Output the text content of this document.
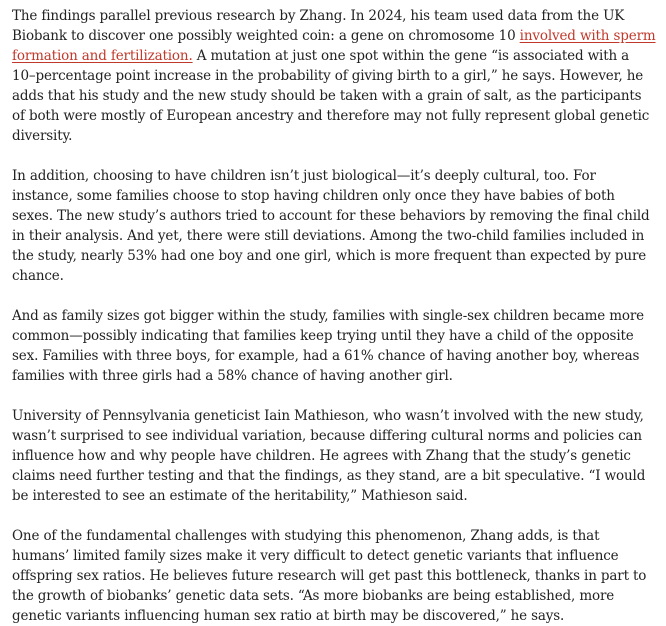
The findings parallel previous research by Zhang. In 2024, his team used data from the UK Biobank to discover one possibly weighted coin: a gene on chromosome 10 involved with sperm formation and fertilization. A mutation at just one spot within the gene “is associated with a 10–percentage point increase in the probability of giving birth to a girl,” he says. However, he adds that his study and the new study should be taken with a grain of salt, as the participants of both were mostly of European ancestry and therefore may not fully represent global genetic diversity.

In addition, choosing to have children isn’t just biological—it’s deeply cultural, too. For instance, some families choose to stop having children only once they have babies of both sexes. The new study’s authors tried to account for these behaviors by removing the final child in their analysis. And yet, there were still deviations. Among the two-child families included in the study, nearly 53% had one boy and one girl, which is more frequent than expected by pure chance.

And as family sizes got bigger within the study, families with single-sex children became more common—possibly indicating that families keep trying until they have a child of the opposite sex. Families with three boys, for example, had a 61% chance of having another boy, whereas families with three girls had a 58% chance of having another girl.

University of Pennsylvania geneticist Iain Mathieson, who wasn’t involved with the new study, wasn’t surprised to see individual variation, because differing cultural norms and policies can influence how and why people have children. He agrees with Zhang that the study’s genetic claims need further testing and that the findings, as they stand, are a bit speculative. “I would be interested to see an estimate of the heritability,” Mathieson said.

One of the fundamental challenges with studying this phenomenon, Zhang adds, is that humans’ limited family sizes make it very difficult to detect genetic variants that influence offspring sex ratios. He believes future research will get past this bottleneck, thanks in part to the growth of biobanks’ genetic data sets. “As more biobanks are being established, more genetic variants influencing human sex ratio at birth may be discovered,” he says.
